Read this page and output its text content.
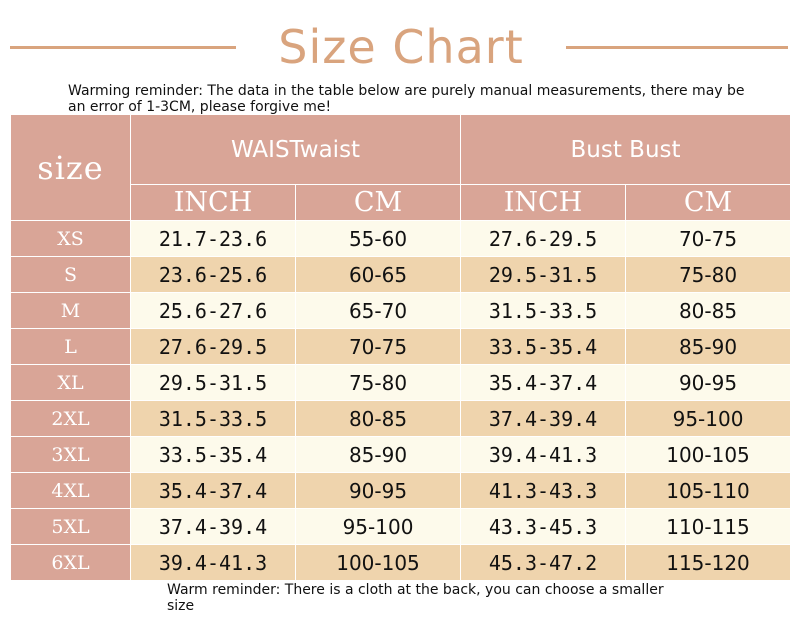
Size Chart
Warming reminder: The data in the table below are purely manual measurements, there may be an error of 1-3CM, please forgive me!
size	WAISTwaist		Bust Bust	
	INCH	CM	INCH	CM
XS	21.7-23.6	55-60	27.6-29.5	70-75
S	23.6-25.6	60-65	29.5-31.5	75-80
M	25.6-27.6	65-70	31.5-33.5	80-85
L	27.6-29.5	70-75	33.5-35.4	85-90
XL	29.5-31.5	75-80	35.4-37.4	90-95
2XL	31.5-33.5	80-85	37.4-39.4	95-100
3XL	33.5-35.4	85-90	39.4-41.3	100-105
4XL	35.4-37.4	90-95	41.3-43.3	105-110
5XL	37.4-39.4	95-100	43.3-45.3	110-115
6XL	39.4-41.3	100-105	45.3-47.2	115-120
Warm reminder: There is a cloth at the back, you can choose a smaller size
